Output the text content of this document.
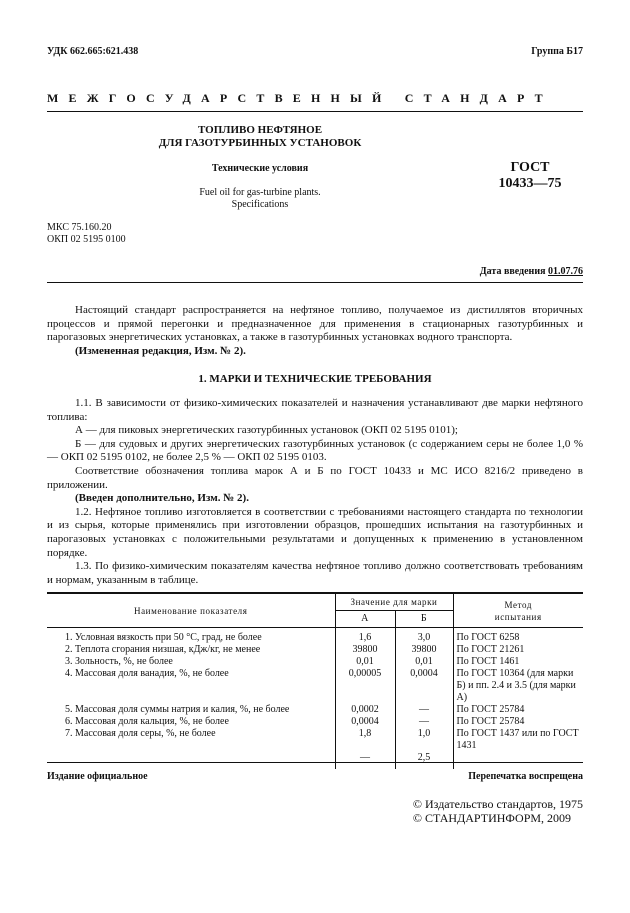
УДК 662.665:621.438	Группа Б17
МЕЖГОСУДАРСТВЕННЫЙ СТАНДАРТ
ТОПЛИВО НЕФТЯНОЕ
ДЛЯ ГАЗОТУРБИННЫХ УСТАНОВОК
Технические условия
Fuel oil for gas-turbine plants.
Specifications
ГОСТ
10433—75
МКС 75.160.20
ОКП 02 5195 0100
Дата введения 01.07.76

Настоящий стандарт распространяется на нефтяное топливо, получаемое из дистиллятов вторичных процессов и прямой перегонки и предназначенное для применения в стационарных газотурбинных и парогазовых энергетических установках, а также в газотурбинных установках водного транспорта.

(Измененная редакция, Изм. № 2).

1. МАРКИ И ТЕХНИЧЕСКИЕ ТРЕБОВАНИЯ

1.1. В зависимости от физико-химических показателей и назначения устанавливают две марки нефтяного топлива:

А — для пиковых энергетических газотурбинных установок (ОКП 02 5195 0101);

Б — для судовых и других энергетических газотурбинных установок (с содержанием серы не более 1,0 % — ОКП 02 5195 0102, не более 2,5 % — ОКП 02 5195 0103.

Соответствие обозначения топлива марок А и Б по ГОСТ 10433 и МС ИСО 8216/2 приведено в приложении.

(Введен дополнительно, Изм. № 2).

1.2. Нефтяное топливо изготовляется в соответствии с требованиями настоящего стандарта по технологии и из сырья, которые применялись при изготовлении образцов, прошедших испытания на газотурбинных и парогазовых установках с положительными результатами и допущенных к применению в установленном порядке.

1.3. По физико-химическим показателям качества нефтяное топливо должно соответствовать требованиям и нормам, указанным в таблице.

Наименование показателя	Значение для марки		Метод
испытания

	А	Б	
1. Условная вязкость при 50 °С, град, не более	1,6	3,0	По ГОСТ 6258
2. Теплота сгорания низшая, кДж/кг, не менее	39800	39800	По ГОСТ 21261
3. Зольность, %, не более	0,01	0,01	По ГОСТ 1461
4. Массовая доля ванадия, %, не более	0,00005	0,0004	По ГОСТ 10364 (для марки Б) и пп. 2.4 и 3.5 (для марки А)
5. Массовая доля суммы натрия и калия, %, не более	0,0002	—	По ГОСТ 25784
6. Массовая доля кальция, %, не более	0,0004	—	По ГОСТ 25784
7. Массовая доля серы, %, не более	1,8	1,0	По ГОСТ 1437 или по ГОСТ 1431
	—	2,5	
Издание официальное	Перепечатка воспрещена
© Издательство стандартов, 1975
© СТАНДАРТИНФОРМ, 2009
